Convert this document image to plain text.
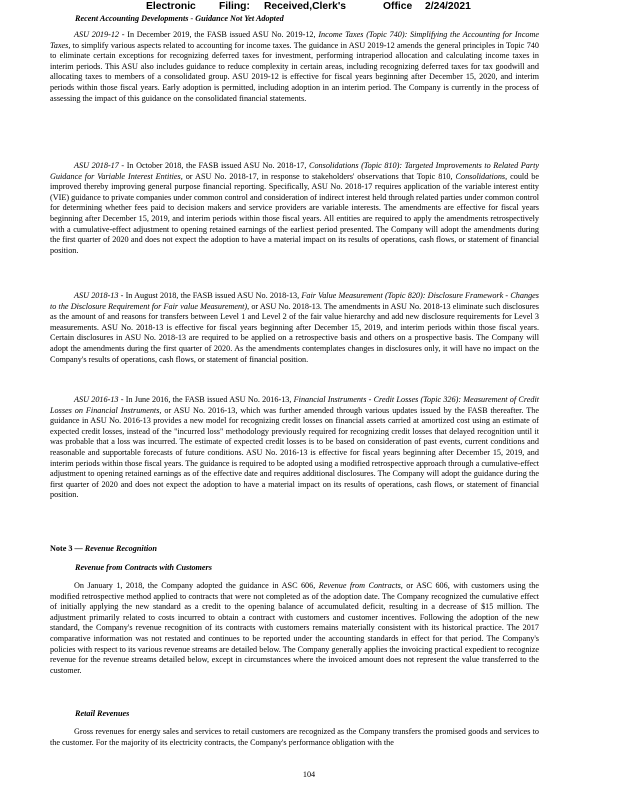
Electronic Filing: Received,Clerk's	Office 2/24/2021
Recent Accounting Developments - Guidance Not Yet Adopted

ASU 2019-12 - In December 2019, the FASB issued ASU No. 2019-12, Income Taxes (Topic 740): Simplifying the Accounting for Income Taxes, to simplify various aspects related to accounting for income taxes. The guidance in ASU 2019-12 amends the general principles in Topic 740 to eliminate certain exceptions for recognizing deferred taxes for investment, performing intraperiod allocation and calculating income taxes in interim periods. This ASU also includes guidance to reduce complexity in certain areas, including recognizing deferred taxes for tax goodwill and allocating taxes to members of a consolidated group. ASU 2019-12 is effective for fiscal years beginning after December 15, 2020, and interim periods within those fiscal years. Early adoption is permitted, including adoption in an interim period. The Company is currently in the process of assessing the impact of this guidance on the consolidated financial statements.

ASU 2018-17 - In October 2018, the FASB issued ASU No. 2018-17, Consolidations (Topic 810): Targeted Improvements to Related Party Guidance for Variable Interest Entities, or ASU No. 2018-17, in response to stakeholders' observations that Topic 810, Consolidations, could be improved thereby improving general purpose financial reporting. Specifically, ASU No. 2018-17 requires application of the variable interest entity (VIE) guidance to private companies under common control and consideration of indirect interest held through related parties under common control for determining whether fees paid to decision makers and service providers are variable interests. The amendments are effective for fiscal years beginning after December 15, 2019, and interim periods within those fiscal years. All entities are required to apply the amendments retrospectively with a cumulative-effect adjustment to opening retained earnings of the earliest period presented. The Company will adopt the amendments during the first quarter of 2020 and does not expect the adoption to have a material impact on its results of operations, cash flows, or statement of financial position.

ASU 2018-13 - In August 2018, the FASB issued ASU No. 2018-13, Fair Value Measurement (Topic 820): Disclosure Framework - Changes to the Disclosure Requirement for Fair value Measurement), or ASU No. 2018-13. The amendments in ASU No. 2018-13 eliminate such disclosures as the amount of and reasons for transfers between Level 1 and Level 2 of the fair value hierarchy and add new disclosure requirements for Level 3 measurements. ASU No. 2018-13 is effective for fiscal years beginning after December 15, 2019, and interim periods within those fiscal years. Certain disclosures in ASU No. 2018-13 are required to be applied on a retrospective basis and others on a prospective basis. The Company will adopt the amendments during the first quarter of 2020. As the amendments contemplates changes in disclosures only, it will have no impact on the Company's results of operations, cash flows, or statement of financial position.

ASU 2016-13 - In June 2016, the FASB issued ASU No. 2016-13, Financial Instruments - Credit Losses (Topic 326): Measurement of Credit Losses on Financial Instruments, or ASU No. 2016-13, which was further amended through various updates issued by the FASB thereafter. The guidance in ASU No. 2016-13 provides a new model for recognizing credit losses on financial assets carried at amortized cost using an estimate of expected credit losses, instead of the "incurred loss" methodology previously required for recognizing credit losses that delayed recognition until it was probable that a loss was incurred. The estimate of expected credit losses is to be based on consideration of past events, current conditions and reasonable and supportable forecasts of future conditions. ASU No. 2016-13 is effective for fiscal years beginning after December 15, 2019, and interim periods within those fiscal years. The guidance is required to be adopted using a modified retrospective approach through a cumulative-effect adjustment to opening retained earnings as of the effective date and requires additional disclosures. The Company will adopt the guidance during the first quarter of 2020 and does not expect the adoption to have a material impact on its results of operations, cash flows, or statement of financial position.

Note 3 — Revenue Recognition
Revenue from Contracts with Customers

On January 1, 2018, the Company adopted the guidance in ASC 606, Revenue from Contracts, or ASC 606, with customers using the modified retrospective method applied to contracts that were not completed as of the adoption date. The Company recognized the cumulative effect of initially applying the new standard as a credit to the opening balance of accumulated deficit, resulting in a decrease of $15 million. The adjustment primarily related to costs incurred to obtain a contract with customers and customer incentives. Following the adoption of the new standard, the Company's revenue recognition of its contracts with customers remains materially consistent with its historical practice. The 2017 comparative information was not restated and continues to be reported under the accounting standards in effect for that period. The Company's policies with respect to its various revenue streams are detailed below. The Company generally applies the invoicing practical expedient to recognize revenue for the revenue streams detailed below, except in circumstances where the invoiced amount does not represent the value transferred to the customer.

Retail Revenues

Gross revenues for energy sales and services to retail customers are recognized as the Company transfers the promised goods and services to the customer. For the majority of its electricity contracts, the Company's performance obligation with the

104
